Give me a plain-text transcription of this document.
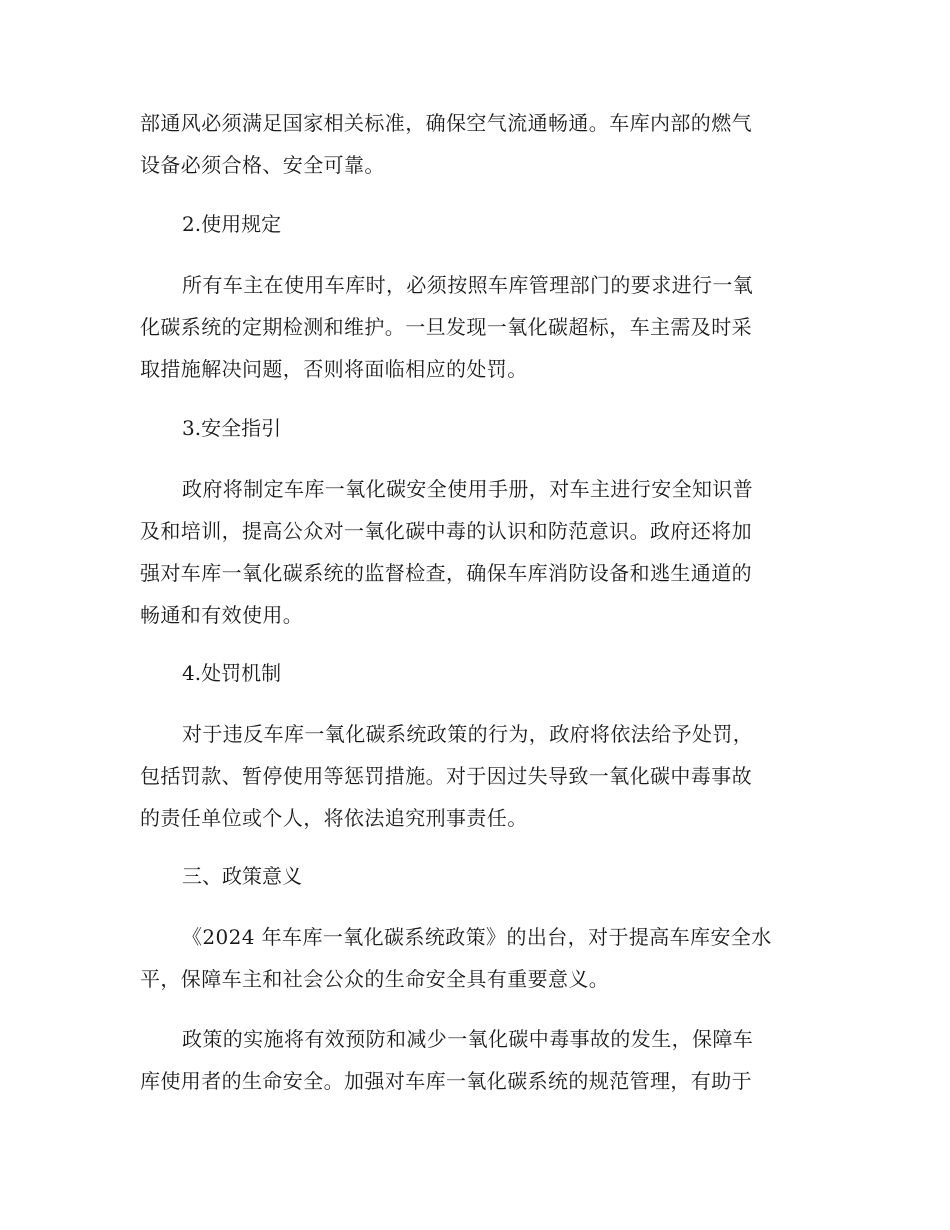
部通风必须满足国家相关标准，确保空气流通畅通。车库内部的燃气
设备必须合格、安全可靠。

2.使用规定

所有车主在使用车库时，必须按照车库管理部门的要求进行一氧
化碳系统的定期检测和维护。一旦发现一氧化碳超标，车主需及时采
取措施解决问题，否则将面临相应的处罚。

3.安全指引

政府将制定车库一氧化碳安全使用手册，对车主进行安全知识普
及和培训，提高公众对一氧化碳中毒的认识和防范意识。政府还将加
强对车库一氧化碳系统的监督检查，确保车库消防设备和逃生通道的
畅通和有效使用。

4.处罚机制

对于违反车库一氧化碳系统政策的行为，政府将依法给予处罚，
包括罚款、暂停使用等惩罚措施。对于因过失导致一氧化碳中毒事故
的责任单位或个人，将依法追究刑事责任。

三、政策意义

《2024 年车库一氧化碳系统政策》的出台，对于提高车库安全水
平，保障车主和社会公众的生命安全具有重要意义。

政策的实施将有效预防和减少一氧化碳中毒事故的发生，保障车
库使用者的生命安全。加强对车库一氧化碳系统的规范管理，有助于
